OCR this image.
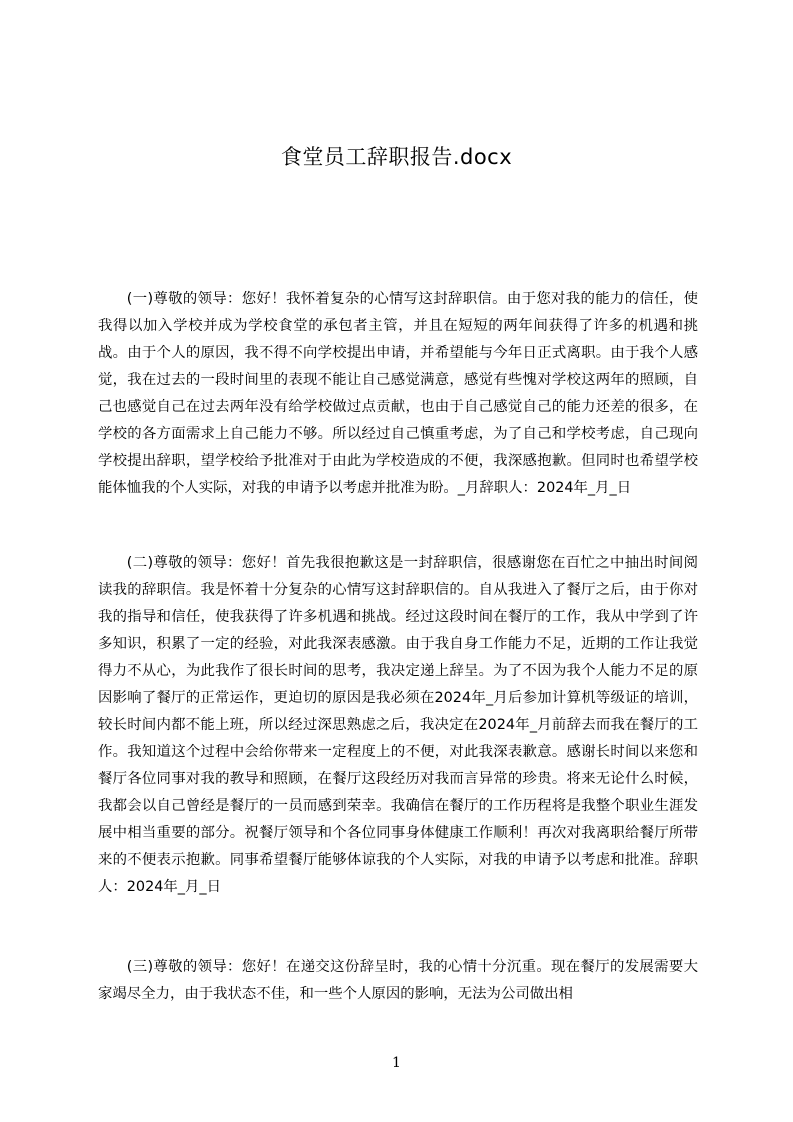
食堂员工辞职报告.docx

(一)尊敬的领导：您好！我怀着复杂的心情写这封辞职信。由于您对我的能力的信任，使我得以加入学校并成为学校食堂的承包者主管，并且在短短的两年间获得了许多的机遇和挑战。由于个人的原因，我不得不向学校提出申请，并希望能与今年日正式离职。由于我个人感觉，我在过去的一段时间里的表现不能让自己感觉满意，感觉有些愧对学校这两年的照顾，自己也感觉自己在过去两年没有给学校做过点贡献，也由于自己感觉自己的能力还差的很多，在学校的各方面需求上自己能力不够。所以经过自己慎重考虑，为了自己和学校考虑，自己现向学校提出辞职，望学校给予批准对于由此为学校造成的不便，我深感抱歉。但同时也希望学校能体恤我的个人实际，对我的申请予以考虑并批准为盼。_月辞职人：2024年_月_日

(二)尊敬的领导：您好！首先我很抱歉这是一封辞职信，很感谢您在百忙之中抽出时间阅读我的辞职信。我是怀着十分复杂的心情写这封辞职信的。自从我进入了餐厅之后，由于你对我的指导和信任，使我获得了许多机遇和挑战。经过这段时间在餐厅的工作，我从中学到了许多知识，积累了一定的经验，对此我深表感激。由于我自身工作能力不足，近期的工作让我觉得力不从心，为此我作了很长时间的思考，我决定递上辞呈。为了不因为我个人能力不足的原因影响了餐厅的正常运作，更迫切的原因是我必须在2024年_月后参加计算机等级证的培训，较长时间内都不能上班，所以经过深思熟虑之后，我决定在2024年_月前辞去而我在餐厅的工作。我知道这个过程中会给你带来一定程度上的不便，对此我深表歉意。感谢长时间以来您和餐厅各位同事对我的教导和照顾，在餐厅这段经历对我而言异常的珍贵。将来无论什么时候，我都会以自己曾经是餐厅的一员而感到荣幸。我确信在餐厅的工作历程将是我整个职业生涯发展中相当重要的部分。祝餐厅领导和个各位同事身体健康工作顺利！再次对我离职给餐厅所带来的不便表示抱歉。同事希望餐厅能够体谅我的个人实际，对我的申请予以考虑和批准。辞职人：2024年_月_日

(三)尊敬的领导：您好！在递交这份辞呈时，我的心情十分沉重。现在餐厅的发展需要大家竭尽全力，由于我状态不佳，和一些个人原因的影响，无法为公司做出相

1
